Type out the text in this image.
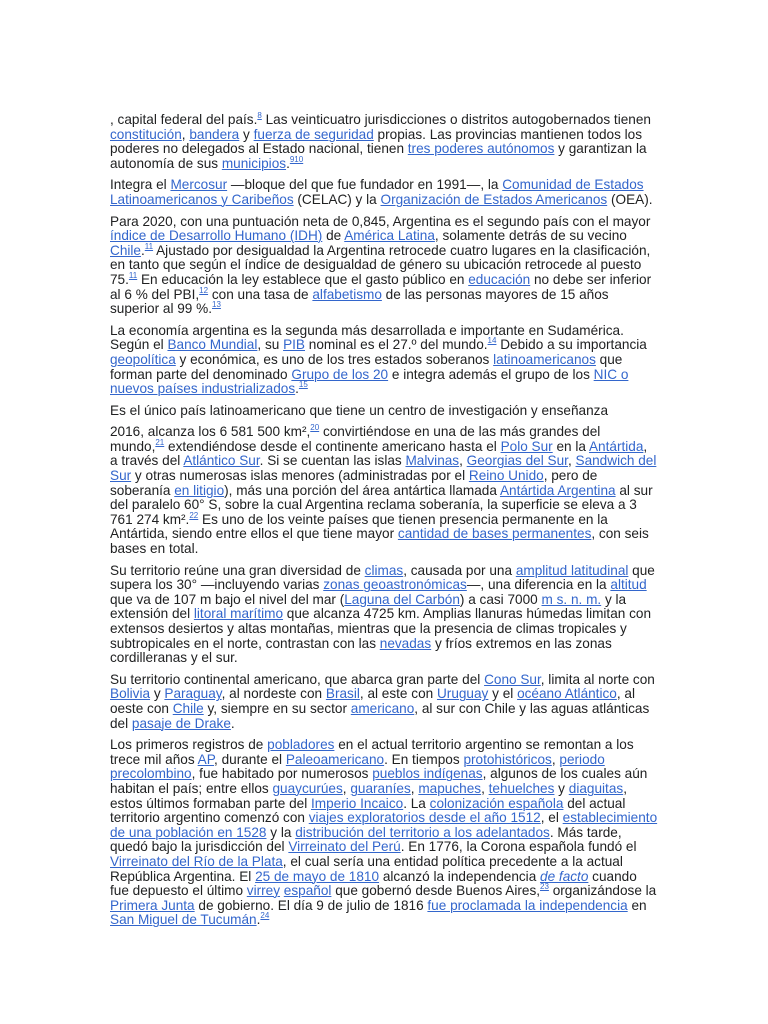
, capital federal del país.$^8$ Las veinticuatro jurisdicciones o distritos autogobernados tienen constitución, bandera y fuerza de seguridad propias. Las provincias mantienen todos los poderes no delegados al Estado nacional, tienen tres poderes autónomos y garantizan la autonomía de sus municipios.$^{910}$

Integra el Mercosur —bloque del que fue fundador en 1991—, la Comunidad de Estados Latinoamericanos y Caribeños (CELAC) y la Organización de Estados Americanos (OEA).

Para 2020, con una puntuación neta de 0,845, Argentina es el segundo país con el mayor índice de Desarrollo Humano (IDH) de América Latina, solamente detrás de su vecino Chile.$^{11}$ Ajustado por desigualdad la Argentina retrocede cuatro lugares en la clasificación, en tanto que según el índice de desigualdad de género su ubicación retrocede al puesto 75.11 En educación la ley establece que el gasto público en educación no debe ser inferior al 6 % del PBI,$^{12}$ con una tasa de alfabetismo de las personas mayores de 15 años superior al 99 %.$^{13}$

La economía argentina es la segunda más desarrollada e importante en Sudamérica. Según el Banco Mundial, su PIB nominal es el 27.º del mundo.$^{14}$ Debido a su importancia geopolítica y económica, es uno de los tres estados soberanos latinoamericanos que forman parte del denominado Grupo de los 20 e integra además el grupo de los NIC o nuevos países industrializados.$^{15}$

Es el único país latinoamericano que tiene un centro de investigación y enseñanza

2016, alcanza los 6 581 500 km²,$^{20}$ convirtiéndose en una de las más grandes del mundo,$^{21}$ extendiéndose desde el continente americano hasta el Polo Sur en la Antártida, a través del Atlántico Sur. Si se cuentan las islas Malvinas, Georgias del Sur, Sandwich del Sur y otras numerosas islas menores (administradas por el Reino Unido, pero de soberanía en litigio), más una porción del área antártica llamada Antártida Argentina al sur del paralelo 60° S, sobre la cual Argentina reclama soberanía, la superficie se eleva a 3 761 274 km².$^{22}$ Es uno de los veinte países que tienen presencia permanente en la Antártida, siendo entre ellos el que tiene mayor cantidad de bases permanentes, con seis bases en total.

Su territorio reúne una gran diversidad de climas, causada por una amplitud latitudinal que supera los 30° —incluyendo varias zonas geoastronómicas—, una diferencia en la altitud que va de 107 m bajo el nivel del mar (Laguna del Carbón) a casi 7000 m s. n. m. y la extensión del litoral marítimo que alcanza 4725 km. Amplias llanuras húmedas limitan con extensos desiertos y altas montañas, mientras que la presencia de climas tropicales y subtropicales en el norte, contrastan con las nevadas y fríos extremos en las zonas cordilleranas y el sur.

Su territorio continental americano, que abarca gran parte del Cono Sur, limita al norte con Bolivia y Paraguay, al nordeste con Brasil, al este con Uruguay y el océano Atlántico, al oeste con Chile y, siempre en su sector americano, al sur con Chile y las aguas atlánticas del pasaje de Drake.

Los primeros registros de pobladores en el actual territorio argentino se remontan a los trece mil años AP, durante el Paleoamericano. En tiempos protohistóricos, periodo precolombino, fue habitado por numerosos pueblos indígenas, algunos de los cuales aún habitan el país; entre ellos guaycurúes, guaraníes, mapuches, tehuelches y diaguitas, estos últimos formaban parte del Imperio Incaico. La colonización española del actual territorio argentino comenzó con viajes exploratorios desde el año 1512, el establecimiento de una población en 1528 y la distribución del territorio a los adelantados. Más tarde, quedó bajo la jurisdicción del Virreinato del Perú. En 1776, la Corona española fundó el Virreinato del Río de la Plata, el cual sería una entidad política precedente a la actual República Argentina. El 25 de mayo de 1810 alcanzó la independencia de facto cuando fue depuesto el último virrey español que gobernó desde Buenos Aires,$^{23}$ organizándose la Primera Junta de gobierno. El día 9 de julio de 1816 fue proclamada la independencia en San Miguel de Tucumán.$^{24}$
